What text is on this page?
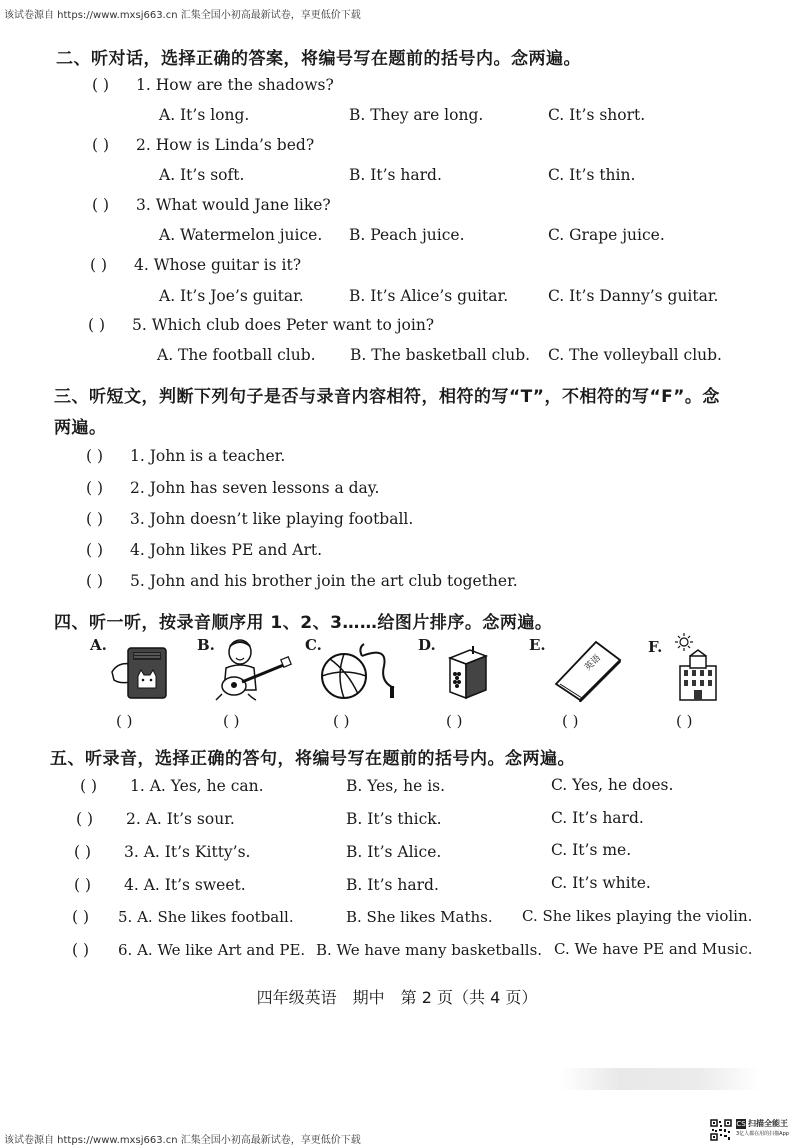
该试卷源自 https://www.mxsj663.cn 汇集全国小初高最新试卷，享更低价下载
该试卷源自 https://www.mxsj663.cn 汇集全国小初高最新试卷，享更低价下载
二、听对话，选择正确的答案，将编号写在题前的括号内。念两遍。
( ) 1. How are the shadows?
A. It’s long.	B. They are long.	C. It’s short.
( ) 2. How is Linda’s bed?
A. It’s soft.	B. It’s hard.	C. It’s thin.
( ) 3. What would Jane like?
A. Watermelon juice. B. Peach juice.	C. Grape juice.
( ) 4. Whose guitar is it?
A. It’s Joe’s guitar.	B. It’s Alice’s guitar.	C. It’s Danny’s guitar.
( ) 5. Which club does Peter want to join?
A. The football club. B. The basketball club. C. The volleyball club.
三、听短文，判断下列句子是否与录音内容相符，相符的写“T”，不相符的写“F”。念
两遍。
( ) 1. John is a teacher.
( ) 2. John has seven lessons a day.
( ) 3. John doesn’t like playing football.
( ) 4. John likes PE and Art.
( ) 5. John and his brother join the art club together.
四、听一听，按录音顺序用 1、2、3……给图片排序。念两遍。
A.
( )
B.
( )
C.
( )
D.
( )
E.
英语
( )
F.
( )
五、听录音，选择正确的答句，将编号写在题前的括号内。念两遍。
( ) 1. A. Yes, he can.	B. Yes, he is.	C. Yes, he does.
( ) 2. A. It’s sour.	B. It’s thick.	C. It’s hard.
( ) 3. A. It’s Kitty’s.	B. It’s Alice.	C. It’s me.
( ) 4. A. It’s sweet.	B. It’s hard.	C. It’s white.
( ) 5. A. She likes football.	B. She likes Maths. C. She likes playing the violin.
( ) 6. A. We like Art and PE. B. We have many basketballs. C. We have PE and Music.
四年级英语　期中　第 2 页（共 4 页）
CS 扫描全能王
3亿人都在用的扫描App
